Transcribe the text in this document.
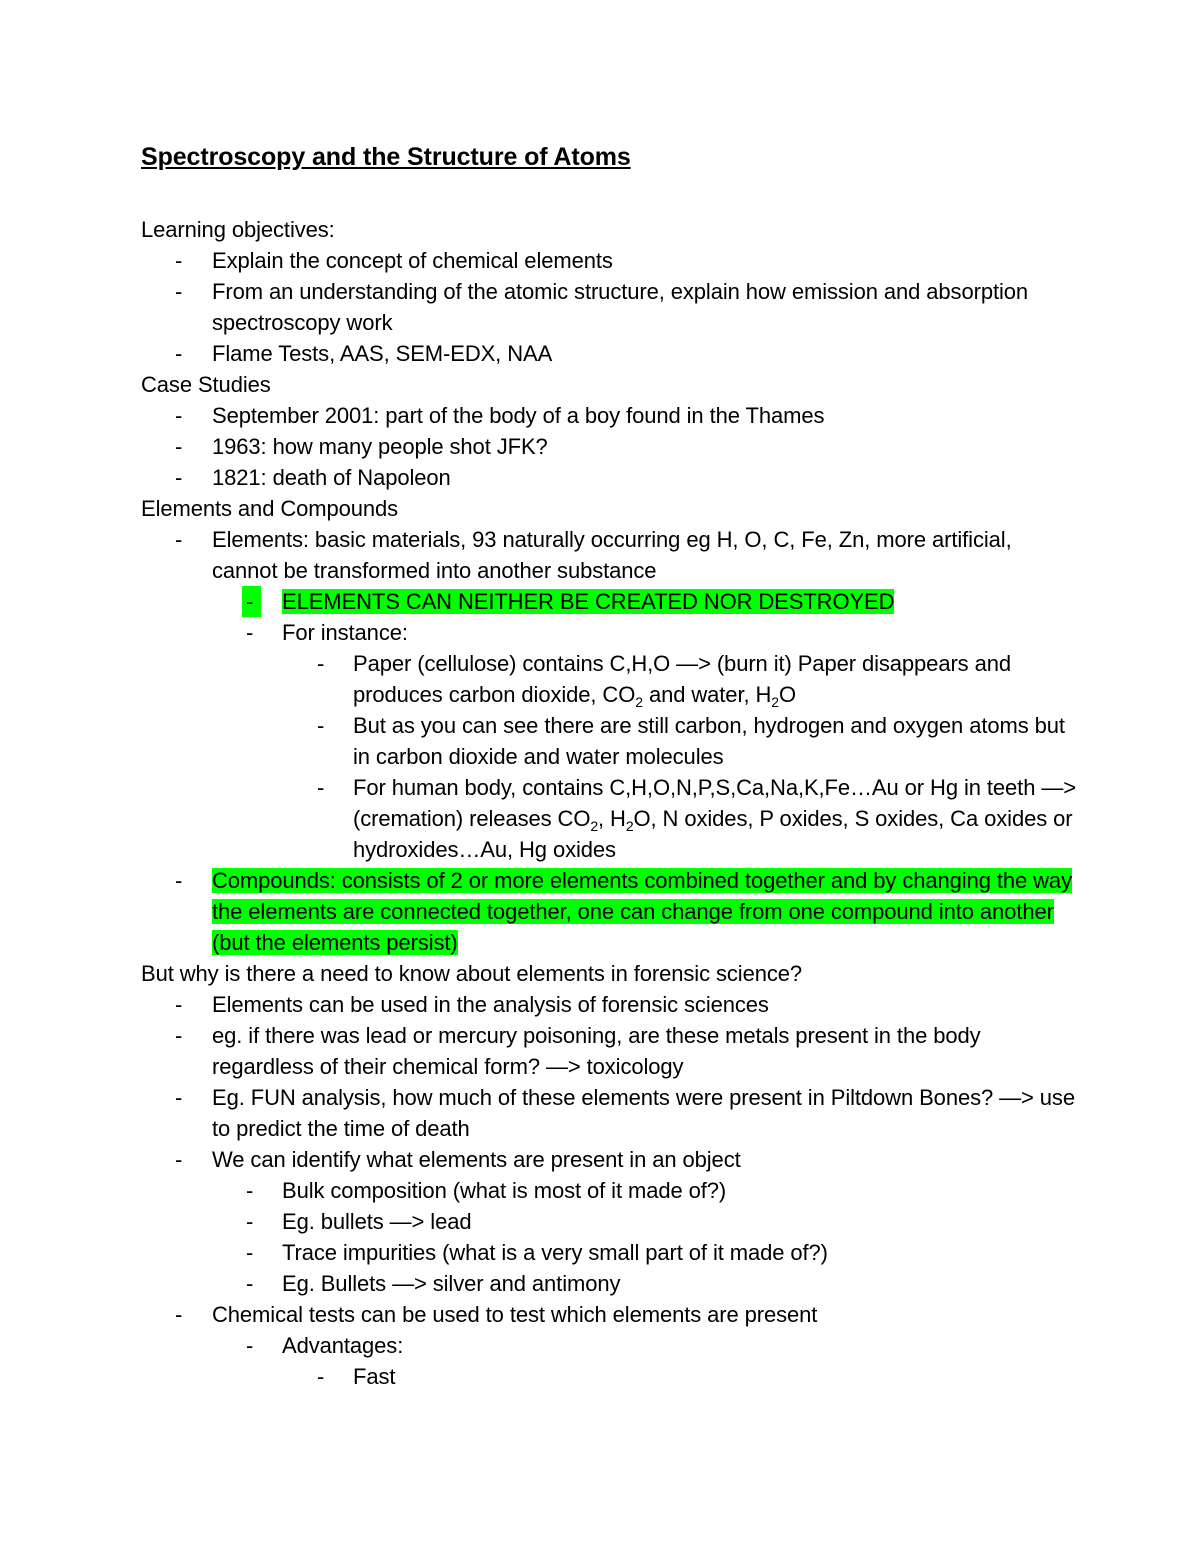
Spectroscopy and the Structure of Atoms

Learning objectives:

- Explain the concept of chemical elements

- From an understanding of the atomic structure, explain how emission and absorption spectroscopy work

- Flame Tests, AAS, SEM-EDX, NAA

Case Studies

- September 2001: part of the body of a boy found in the Thames

- 1963: how many people shot JFK?

- 1821: death of Napoleon

Elements and Compounds

- Elements: basic materials, 93 naturally occurring eg H, O, C, Fe, Zn, more artificial, cannot be transformed into another substance

-	ELEMENTS CAN NEITHER BE CREATED NOR DESTROYED

- For instance:

- Paper (cellulose) contains C,H,O —> (burn it) Paper disappears and produces carbon dioxide, $CO_2$ and water, $H_2O$

- But as you can see there are still carbon, hydrogen and oxygen atoms but in carbon dioxide and water molecules

- For human body, contains C,H,O,N,P,S,Ca,Na,K,Fe…Au or Hg in teeth —>(cremation) releases $CO_2$, $H_2O$, N oxides, P oxides, S oxides, Ca oxides or hydroxides…Au, Hg oxides

- Compounds: consists of 2 or more elements combined together and by changing the way the elements are connected together, one can change from one compound into another (but the elements persist)

But why is there a need to know about elements in forensic science?

- Elements can be used in the analysis of forensic sciences

- eg. if there was lead or mercury poisoning, are these metals present in the body regardless of their chemical form? —> toxicology

- Eg. FUN analysis, how much of these elements were present in Piltdown Bones? —> use to predict the time of death

- We can identify what elements are present in an object

- Bulk composition (what is most of it made of?)

- Eg. bullets —> lead

- Trace impurities (what is a very small part of it made of?)

- Eg. Bullets —> silver and antimony

- Chemical tests can be used to test which elements are present

- Advantages:

- Fast
